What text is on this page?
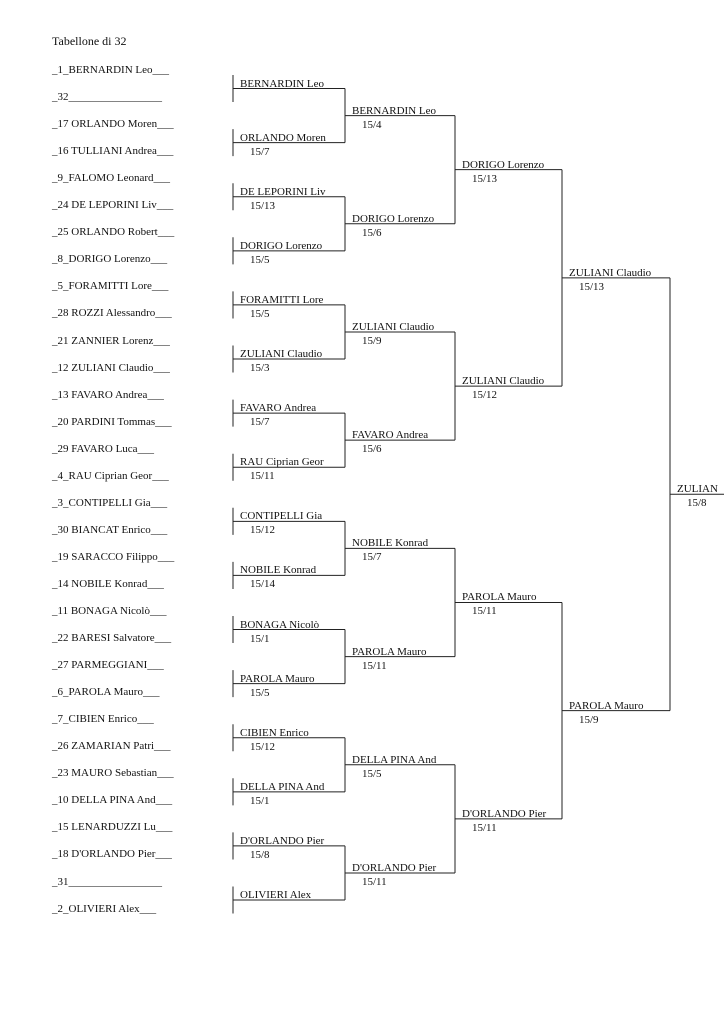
Tabellone di 32
_1_BERNARDIN Leo___
_32_________________
_17 ORLANDO Moren___
_16 TULLIANI Andrea___
_9_FALOMO Leonard___
_24 DE LEPORINI Liv___
_25 ORLANDO Robert___
_8_DORIGO Lorenzo___
_5_FORAMITTI Lore___
_28 ROZZI Alessandro___
_21 ZANNIER Lorenz___
_12 ZULIANI Claudio___
_13 FAVARO Andrea___
_20 PARDINI Tommas___
_29 FAVARO Luca___
_4_RAU Ciprian Geor___
_3_CONTIPELLI Gia___
_30 BIANCAT Enrico___
_19 SARACCO Filippo___
_14 NOBILE Konrad___
_11 BONAGA Nicolò___
_22 BARESI Salvatore___
_27 PARMEGGIANI___
_6_PAROLA Mauro___
_7_CIBIEN Enrico___
_26 ZAMARIAN Patri___
_23 MAURO Sebastian___
_10 DELLA PINA And___
_15 LENARDUZZI Lu___
_18 D'ORLANDO Pier___
_31_________________
_2_OLIVIERI Alex___
BERNARDIN Leo
ORLANDO Moren
15/7
DE LEPORINI Liv
15/13
DORIGO Lorenzo
15/5
FORAMITTI Lore
15/5
ZULIANI Claudio
15/3
FAVARO Andrea
15/7
RAU Ciprian Geor
15/11
CONTIPELLI Gia
15/12
NOBILE Konrad
15/14
BONAGA Nicolò
15/1
PAROLA Mauro
15/5
CIBIEN Enrico
15/12
DELLA PINA And
15/1
D'ORLANDO Pier
15/8
OLIVIERI Alex
BERNARDIN Leo
15/4
DORIGO Lorenzo
15/6
ZULIANI Claudio
15/9
FAVARO Andrea
15/6
NOBILE Konrad
15/7
PAROLA Mauro
15/11
DELLA PINA And
15/5
D'ORLANDO Pier
15/11
DORIGO Lorenzo
15/13
ZULIANI Claudio
15/12
PAROLA Mauro
15/11
D'ORLANDO Pier
15/11
ZULIANI Claudio
15/13
PAROLA Mauro
15/9
ZULIAN
15/8
